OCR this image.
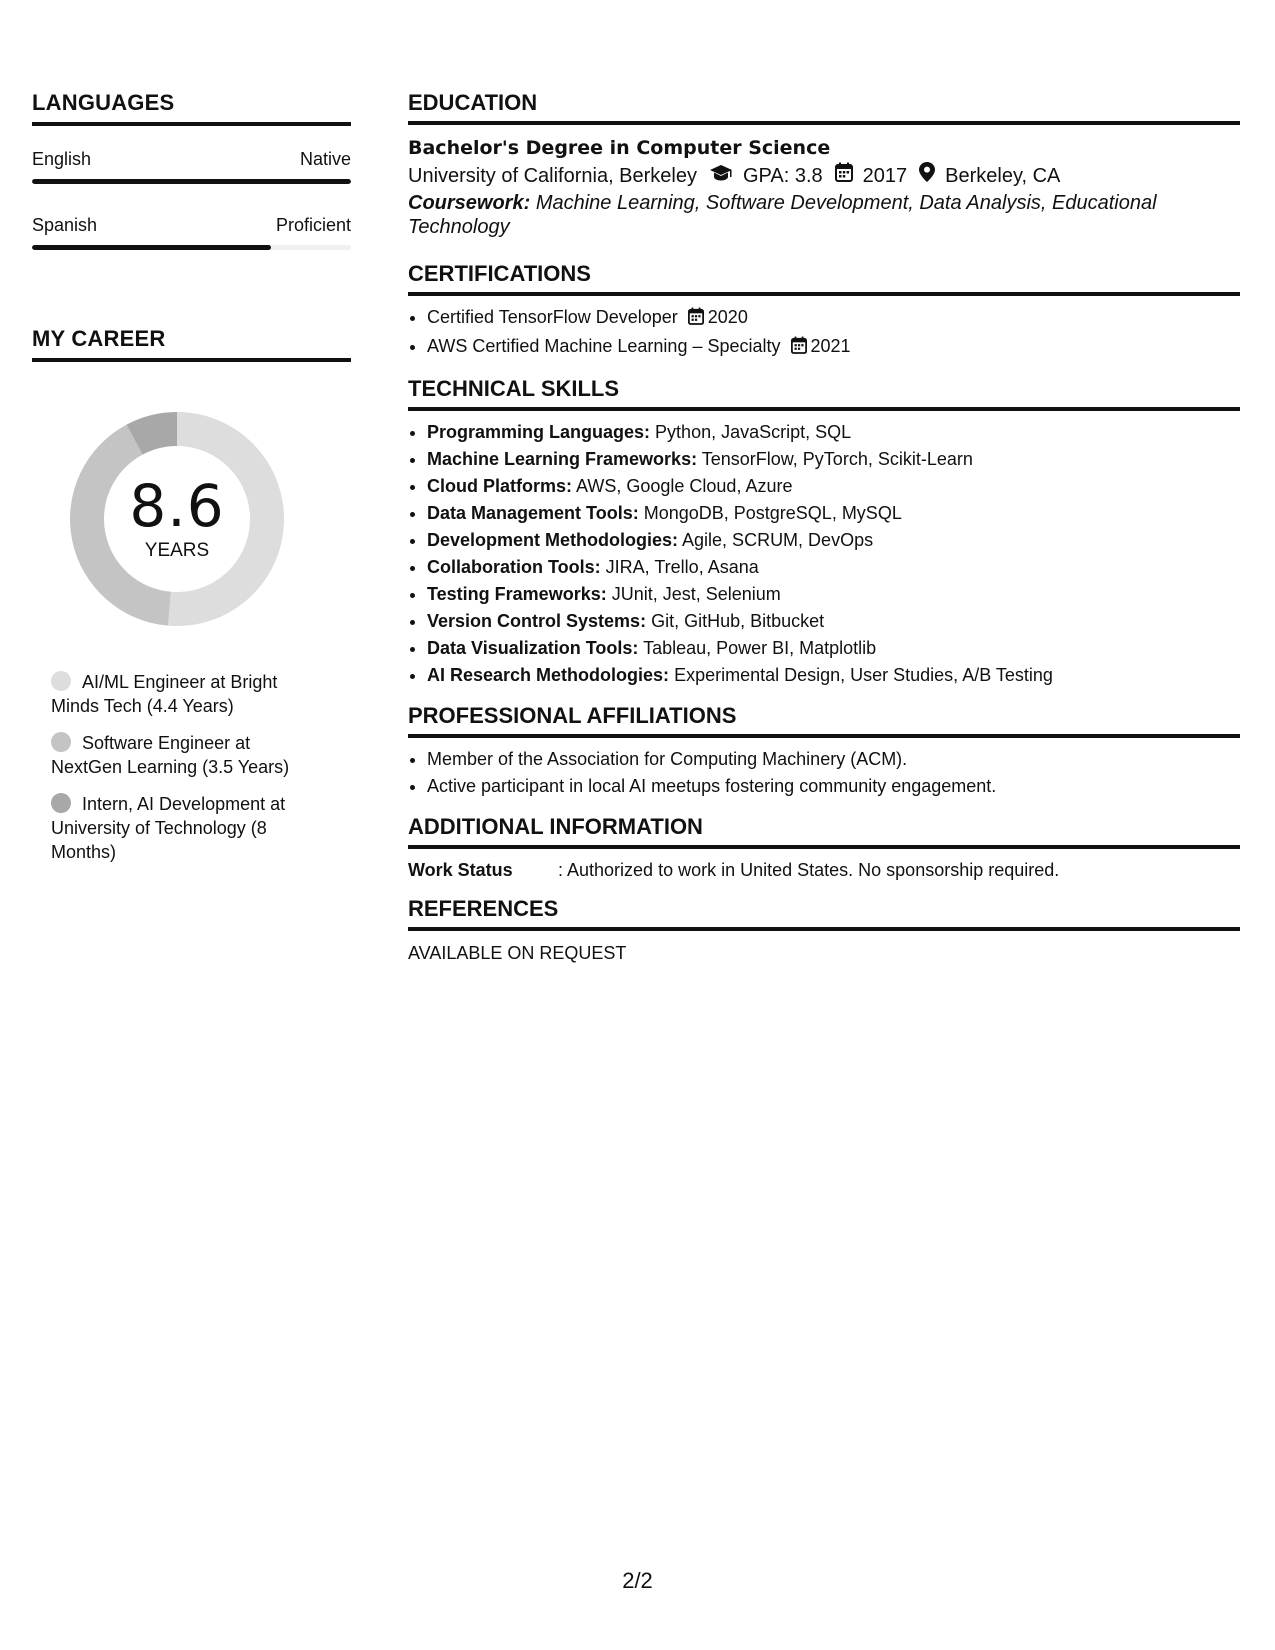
LANGUAGES
English	Native
Spanish	Proficient
MY CAREER
8.6
YEARS
AI/ML Engineer at Bright Minds Tech (4.4 Years)
Software Engineer at NextGen Learning (3.5 Years)
Intern, AI Development at University of Technology (8 Months)
EDUCATION
Bachelor's Degree in Computer Science
University of California, Berkeley GPA: 3.8 2017 Berkeley, CA
Coursework: Machine Learning, Software Development, Data Analysis, Educational Technology
CERTIFICATIONS
• Certified TensorFlow Developer 2020
• AWS Certified Machine Learning – Specialty 2021
TECHNICAL SKILLS
• Programming Languages: Python, JavaScript, SQL
• Machine Learning Frameworks: TensorFlow, PyTorch, Scikit-Learn
• Cloud Platforms: AWS, Google Cloud, Azure
• Data Management Tools: MongoDB, PostgreSQL, MySQL
• Development Methodologies: Agile, SCRUM, DevOps
• Collaboration Tools: JIRA, Trello, Asana
• Testing Frameworks: JUnit, Jest, Selenium
• Version Control Systems: Git, GitHub, Bitbucket
• Data Visualization Tools: Tableau, Power BI, Matplotlib
• AI Research Methodologies: Experimental Design, User Studies, A/B Testing
PROFESSIONAL AFFILIATIONS
• Member of the Association for Computing Machinery (ACM).
• Active participant in local AI meetups fostering community engagement.
ADDITIONAL INFORMATION
Work Status	: Authorized to work in United States. No sponsorship required.
REFERENCES
AVAILABLE ON REQUEST
2/2
